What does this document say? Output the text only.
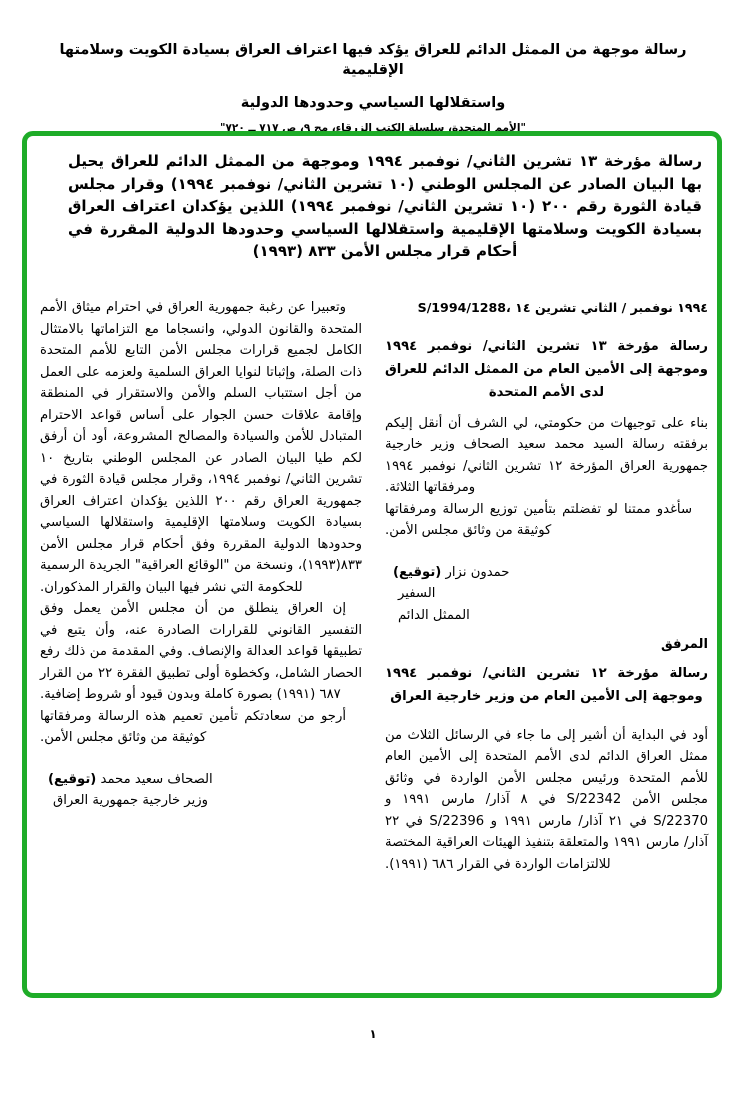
رسالة موجهة من الممثل الدائم للعراق يؤكد فيها اعتراف العراق بسيادة الكويت وسلامتها الإقليمية
واستقلالها السياسي وحدودها الدولية
"الأمم المتحدة، سلسلة الكتب الزرقاء، مج ٩، ص ٧١٧ ــ ٧٢٠"

رسالة مؤرخة ١٣ تشرين الثاني/ نوفمبر ١٩٩٤ وموجهة من الممثل الدائم للعراق يحيل بها البيان الصادر عن المجلس الوطني (١٠ تشرين الثاني/ نوفمبر ١٩٩٤) وقرار مجلس قيادة الثورة رقم ٢٠٠ (١٠ تشرين الثاني/ نوفمبر ١٩٩٤) اللذين يؤكدان اعتراف العراق بسيادة الكويت وسلامتها الإقليمية واستقلالها السياسي وحدودها الدولية المقررة في أحكام قرار مجلس الأمن ٨٣٣ (١٩٩٣)

S/1994/1288، ١٤ تشرين الثاني / نوفمبر ١٩٩٤

رسالة مؤرخة ١٣ تشرين الثاني/ نوفمبر ١٩٩٤ وموجهة إلى الأمين العام من الممثل الدائم للعراق لدى الأمم المتحدة

بناء على توجيهات من حكومتي، لي الشرف أن أنقل إليكم برفقته رسالة السيد محمد سعيد الصحاف وزير خارجية جمهورية العراق المؤرخة ١٢ تشرين الثاني/ نوفمبر ١٩٩٤ ومرفقاتها الثلاثة.

سأغدو ممتنا لو تفضلتم بتأمين توزيع الرسالة ومرفقاتها كوثيقة من وثائق مجلس الأمن.

(توقيع) نزار حمدون
السفير
الممثل الدائم
المرفق

رسالة مؤرخة ١٢ تشرين الثاني/ نوفمبر ١٩٩٤ وموجهة إلى الأمين العام من وزير خارجية العراق

أود في البداية أن أشير إلى ما جاء في الرسائل الثلاث من ممثل العراق الدائم لدى الأمم المتحدة إلى الأمين العام للأمم المتحدة ورئيس مجلس الأمن الواردة في وثائق مجلس الأمن S/22342 في ٨ آذار/ مارس ١٩٩١ و S/22370 في ٢١ آذار/ مارس ١٩٩١ و S/22396 في ٢٢ آذار/ مارس ١٩٩١ والمتعلقة بتنفيذ الهيئات العراقية المختصة للالتزامات الواردة في القرار ٦٨٦ (١٩٩١).

وتعبيرا عن رغبة جمهورية العراق في احترام ميثاق الأمم المتحدة والقانون الدولي، وانسجاما مع التزاماتها بالامتثال الكامل لجميع قرارات مجلس الأمن التابع للأمم المتحدة ذات الصلة، وإثباتا لنوايا العراق السلمية ولعزمه على العمل من أجل استتباب السلم والأمن والاستقرار في المنطقة وإقامة علاقات حسن الجوار على أساس قواعد الاحترام المتبادل للأمن والسيادة والمصالح المشروعة، أود أن أرفق لكم طيا البيان الصادر عن المجلس الوطني بتاريخ ١٠ تشرين الثاني/ نوفمبر ١٩٩٤، وقرار مجلس قيادة الثورة في جمهورية العراق رقم ٢٠٠ اللذين يؤكدان اعتراف العراق بسيادة الكويت وسلامتها الإقليمية واستقلالها السياسي وحدودها الدولية المقررة وفق أحكام قرار مجلس الأمن ٨٣٣(١٩٩٣)، ونسخة من "الوقائع العراقية" الجريدة الرسمية للحكومة التي نشر فيها البيان والقرار المذكوران.

إن العراق ينطلق من أن مجلس الأمن يعمل وفق التفسير القانوني للقرارات الصادرة عنه، وأن يتبع في تطبيقها قواعد العدالة والإنصاف. وفي المقدمة من ذلك رفع الحصار الشامل، وكخطوة أولى تطبيق الفقرة ٢٢ من القرار ٦٨٧ (١٩٩١) بصورة كاملة وبدون قيود أو شروط إضافية.

أرجو من سعادتكم تأمين تعميم هذه الرسالة ومرفقاتها كوثيقة من وثائق مجلس الأمن.

(توقيع) محمد سعيد الصحاف
وزير خارجية جمهورية العراق
١
